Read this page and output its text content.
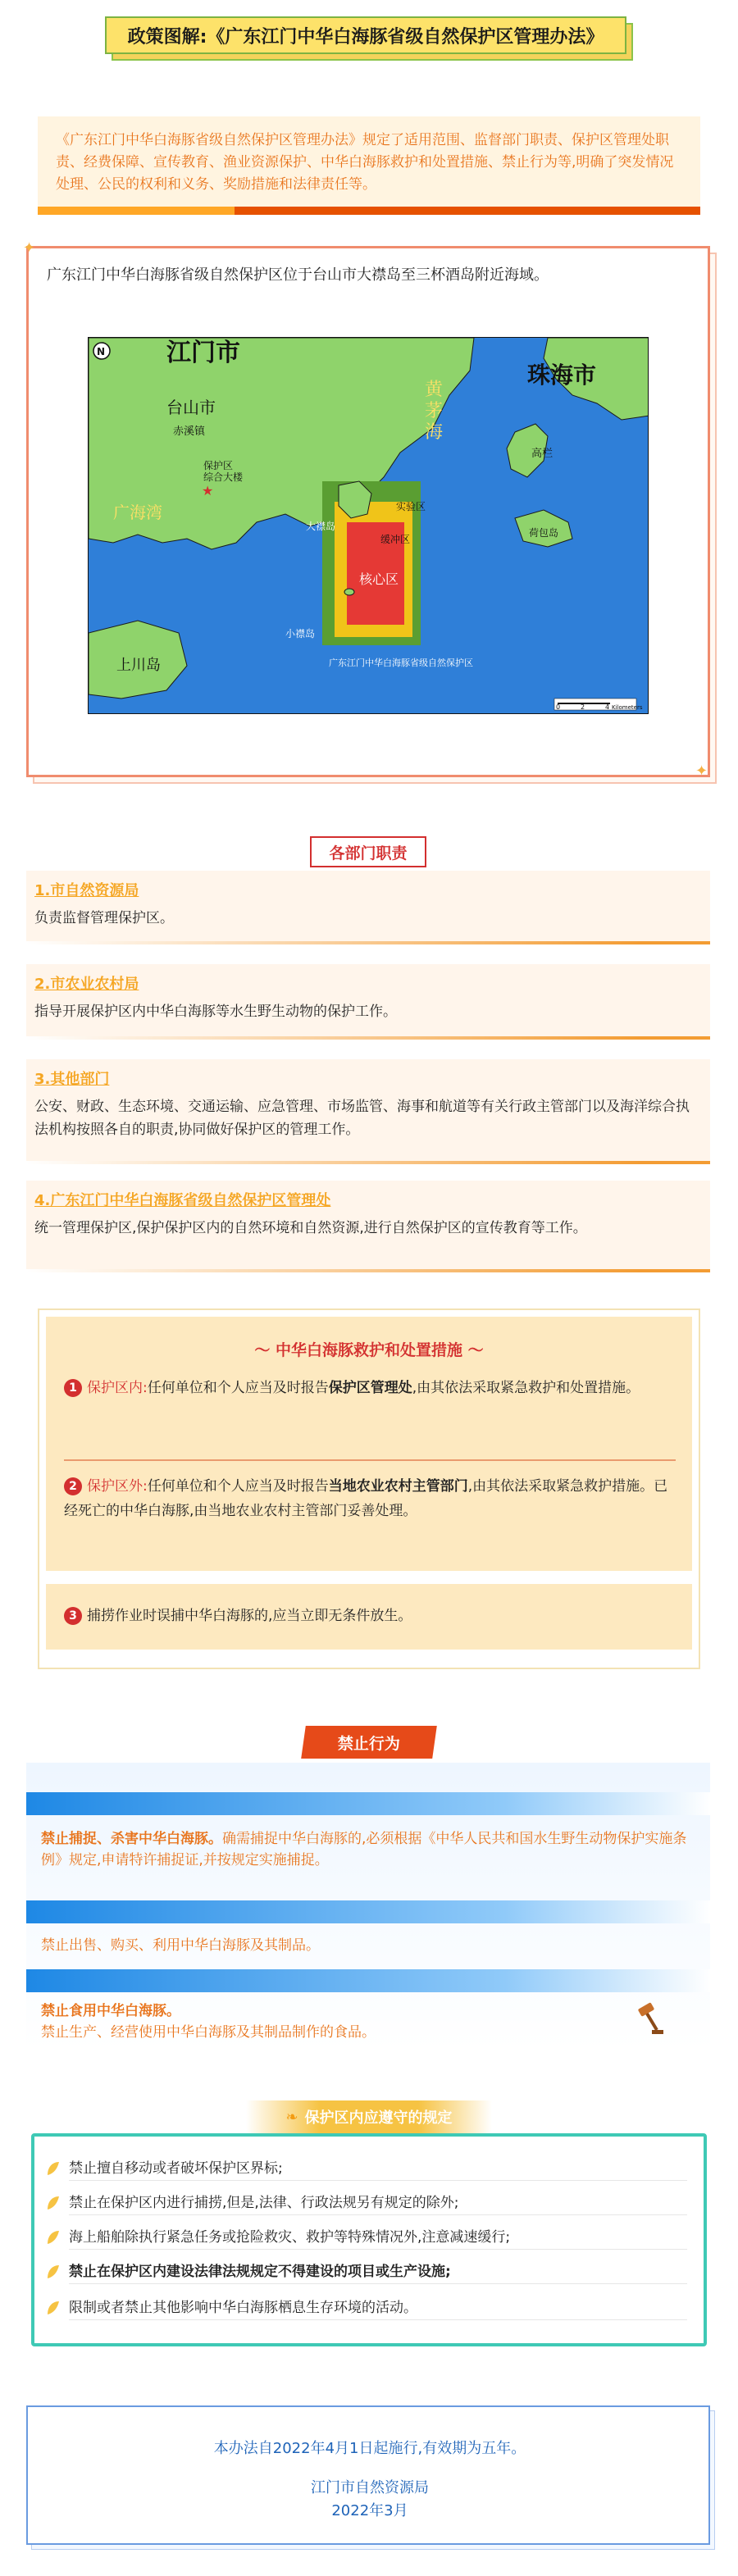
政策图解:《广东江门中华白海豚省级自然保护区管理办法》
《广东江门中华白海豚省级自然保护区管理办法》规定了适用范围、监督部门职责、保护区管理处职责、经费保障、宣传教育、渔业资源保护、中华白海豚救护和处置措施、禁止行为等,明确了突发情况处理、公民的权利和义务、奖励措施和法律责任等。
广东江门中华白海豚省级自然保护区位于台山市大襟岛至三杯酒岛附近海域。
★
N 江门市
台山市
赤溪镇
黄茅海
珠海市
广海湾
上川岛
保护区综合大楼
实验区
缓冲区
核心区
大襟岛
小襟岛
高栏
荷包岛
广东江门中华白海豚省级自然保护区
0	2	4 Kilometers
✦
✦
各部门职责
1.市自然资源局
负责监督管理保护区。
2.市农业农村局
指导开展保护区内中华白海豚等水生野生动物的保护工作。
3.其他部门
公安、财政、生态环境、交通运输、应急管理、市场监管、海事和航道等有关行政主管部门以及海洋综合执法机构按照各自的职责,协同做好保护区的管理工作。
4.广东江门中华白海豚省级自然保护区管理处
统一管理保护区,保护保护区内的自然环境和自然资源,进行自然保护区的宣传教育等工作。
〜 中华白海豚救护和处置措施 〜
1 保护区内:任何单位和个人应当及时报告保护区管理处,由其依法采取紧急救护和处置措施。
2 保护区外:任何单位和个人应当及时报告当地农业农村主管部门,由其依法采取紧急救护措施。已经死亡的中华白海豚,由当地农业农村主管部门妥善处理。
3 捕捞作业时误捕中华白海豚的,应当立即无条件放生。
禁止行为
禁止捕捉、杀害中华白海豚。确需捕捉中华白海豚的,必须根据《中华人民共和国水生野生动物保护实施条例》规定,申请特许捕捉证,并按规定实施捕捉。
禁止出售、购买、利用中华白海豚及其制品。
禁止食用中华白海豚。
禁止生产、经营使用中华白海豚及其制品制作的食品。
❧ 保护区内应遵守的规定
禁止擅自移动或者破坏保护区界标;
禁止在保护区内进行捕捞,但是,法律、行政法规另有规定的除外;
海上船舶除执行紧急任务或抢险救灾、救护等特殊情况外,注意减速缓行;
禁止在保护区内建设法律法规规定不得建设的项目或生产设施;
限制或者禁止其他影响中华白海豚栖息生存环境的活动。
本办法自2022年4月1日起施行,有效期为五年。
江门市自然资源局
2022年3月
